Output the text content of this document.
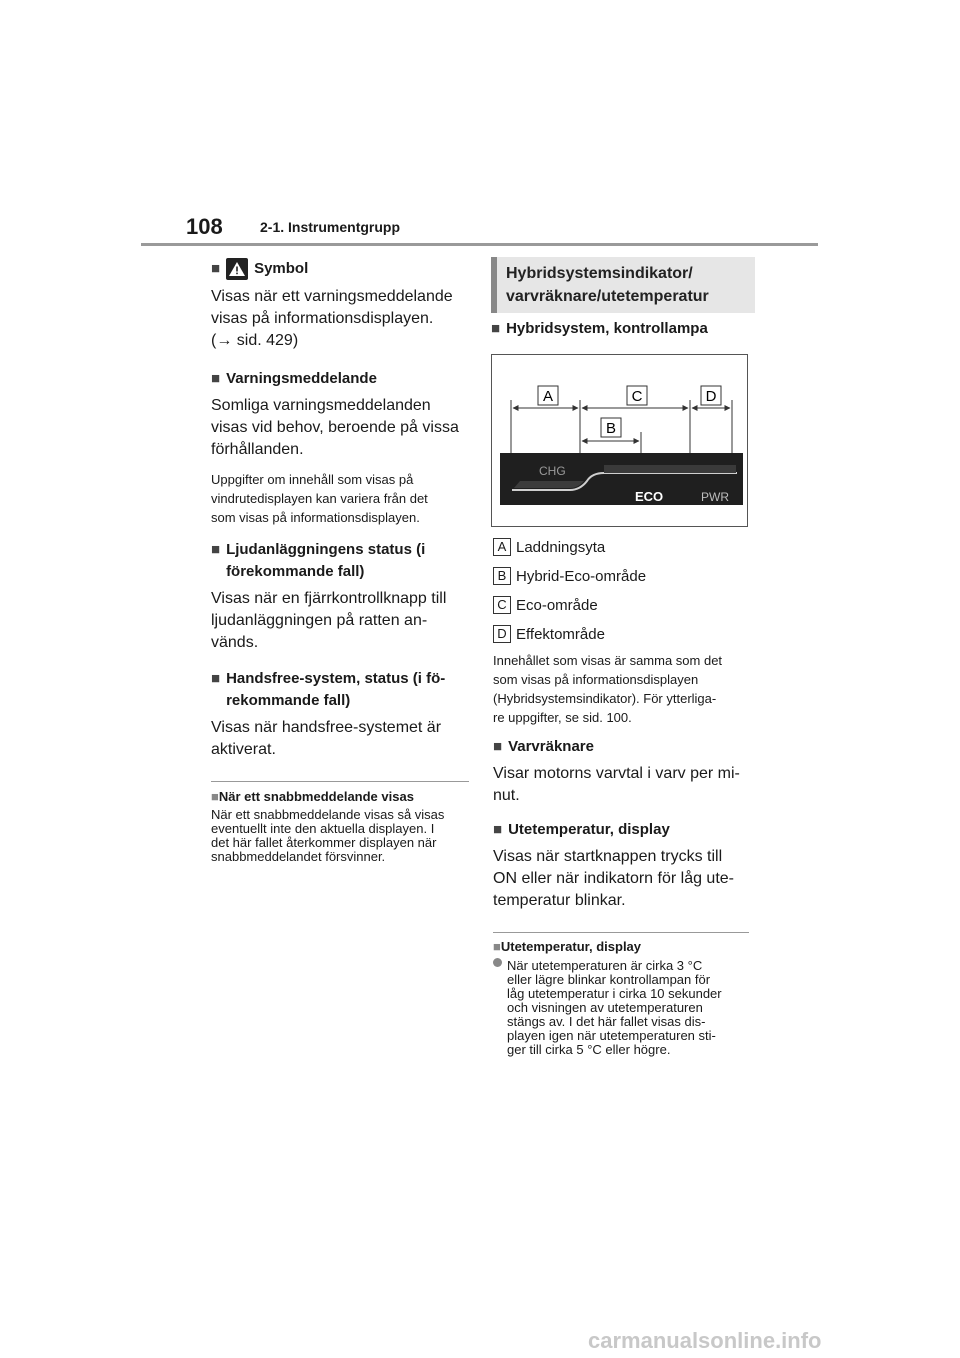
108	2-1. Instrumentgrupp
■ Symbol
Visas när ett varningsmeddelande
visas på informationsdisplayen.
(→ sid. 429)
■ Varningsmeddelande
Somliga varningsmeddelanden
visas vid behov, beroende på vissa
förhållanden.
Uppgifter om innehåll som visas på
vindrutedisplayen kan variera från det
som visas på informationsdisplayen.
■ Ljudanläggningens status (i
förekommande fall)
Visas när en fjärrkontrollknapp till
ljudanläggningen på ratten an-
vänds.
■ Handsfree-system, status (i fö-
rekommande fall)
Visas när handsfree-systemet är
aktiverat.
■När ett snabbmeddelande visas
När ett snabbmeddelande visas så visas
eventuellt inte den aktuella displayen. I
det här fallet återkommer displayen när
snabbmeddelandet försvinner.
Hybridsystemsindikator/
varvräknare/utetemperatur
■ Hybridsystem, kontrollampa
A
B
C	D
CHG
ECO	PWR
A Laddningsyta
B Hybrid-Eco-område
C Eco-område
D Effektområde
Innehållet som visas är samma som det
som visas på informationsdisplayen
(Hybridsystemsindikator). För ytterliga-
re uppgifter, se sid. 100.
■ Varvräknare
Visar motorns varvtal i varv per mi-
nut.
■ Utetemperatur, display
Visas när startknappen trycks till
ON eller när indikatorn för låg ute-
temperatur blinkar.
■Utetemperatur, display
När utetemperaturen är cirka 3 °C
eller lägre blinkar kontrollampan för
låg utetemperatur i cirka 10 sekunder
och visningen av utetemperaturen
stängs av. I det här fallet visas dis-
playen igen när utetemperaturen sti-
ger till cirka 5 °C eller högre.
carmanualsonline.info
